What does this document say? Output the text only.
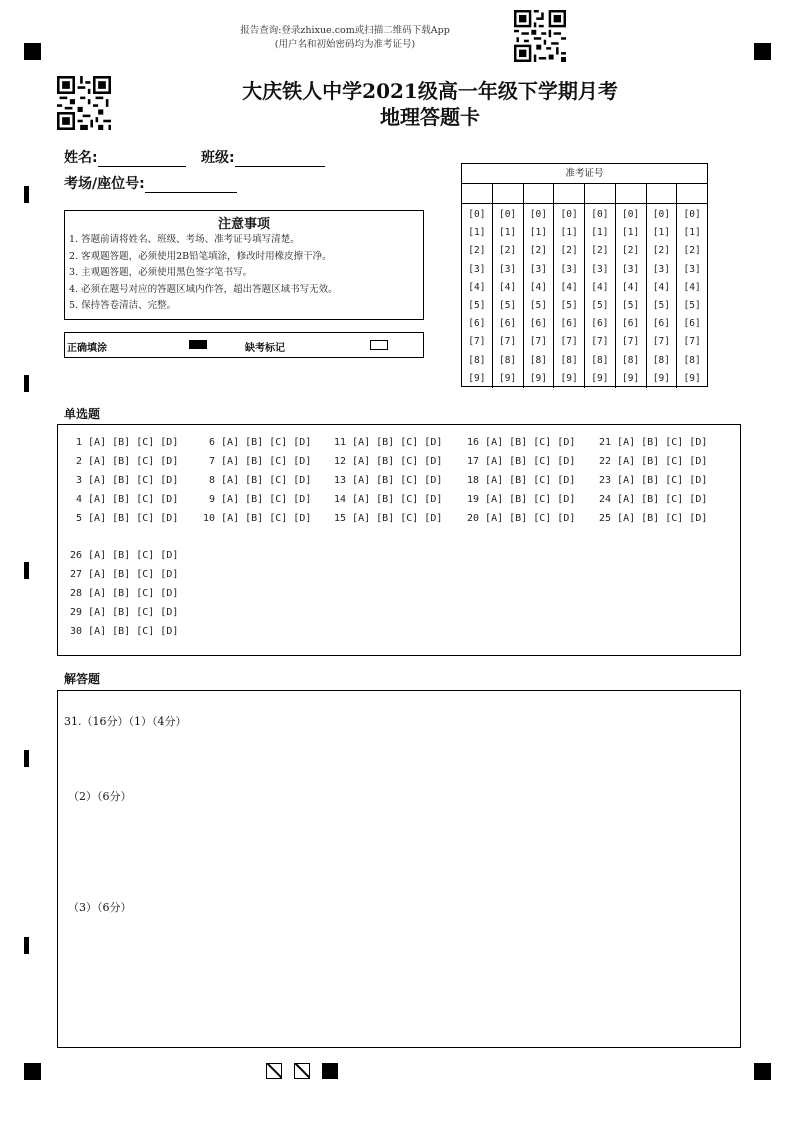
报告查询:登录zhixue.com或扫描二维码下载App
(用户名和初始密码均为准考证号)
大庆铁人中学2021级高一年级下学期月考
地理答题卡
姓名:	班级:
考场/座位号:
注意事项
1. 答题前请将姓名、班级、考场、准考证号填写清楚。
2. 客观题答题，必须使用2B铅笔填涂，修改时用橡皮擦干净。
3. 主观题答题，必须使用黑色签字笔书写。
4. 必须在题号对应的答题区域内作答，超出答题区域书写无效。
5. 保持答卷清洁、完整。
正确填涂	缺考标记
准考证号
[0]
[1]
[2]
[3]
[4]
[5]
[6]
[7]
[8]
[9]
[0]
[1]
[2]
[3]
[4]
[5]
[6]
[7]
[8]
[9]
[0]
[1]
[2]
[3]
[4]
[5]
[6]
[7]
[8]
[9]
[0]
[1]
[2]
[3]
[4]
[5]
[6]
[7]
[8]
[9]
[0]
[1]
[2]
[3]
[4]
[5]
[6]
[7]
[8]
[9]
[0]
[1]
[2]
[3]
[4]
[5]
[6]
[7]
[8]
[9]
[0]
[1]
[2]
[3]
[4]
[5]
[6]
[7]
[8]
[9]
[0]
[1]
[2]
[3]
[4]
[5]
[6]
[7]
[8]
[9]
单选题
1 [A] [B] [C] [D]
2 [A] [B] [C] [D]
3 [A] [B] [C] [D]
4 [A] [B] [C] [D]
5 [A] [B] [C] [D]
6 [A] [B] [C] [D]
7 [A] [B] [C] [D]
8 [A] [B] [C] [D]
9 [A] [B] [C] [D]
10 [A] [B] [C] [D]
11 [A] [B] [C] [D]
12 [A] [B] [C] [D]
13 [A] [B] [C] [D]
14 [A] [B] [C] [D]
15 [A] [B] [C] [D]
16 [A] [B] [C] [D]
17 [A] [B] [C] [D]
18 [A] [B] [C] [D]
19 [A] [B] [C] [D]
20 [A] [B] [C] [D]
21 [A] [B] [C] [D]
22 [A] [B] [C] [D]
23 [A] [B] [C] [D]
24 [A] [B] [C] [D]
25 [A] [B] [C] [D]
26 [A] [B] [C] [D]
27 [A] [B] [C] [D]
28 [A] [B] [C] [D]
29 [A] [B] [C] [D]
30 [A] [B] [C] [D]
解答题
31.（16分）（1）（4分）
（2）（6分）
（3）（6分）
